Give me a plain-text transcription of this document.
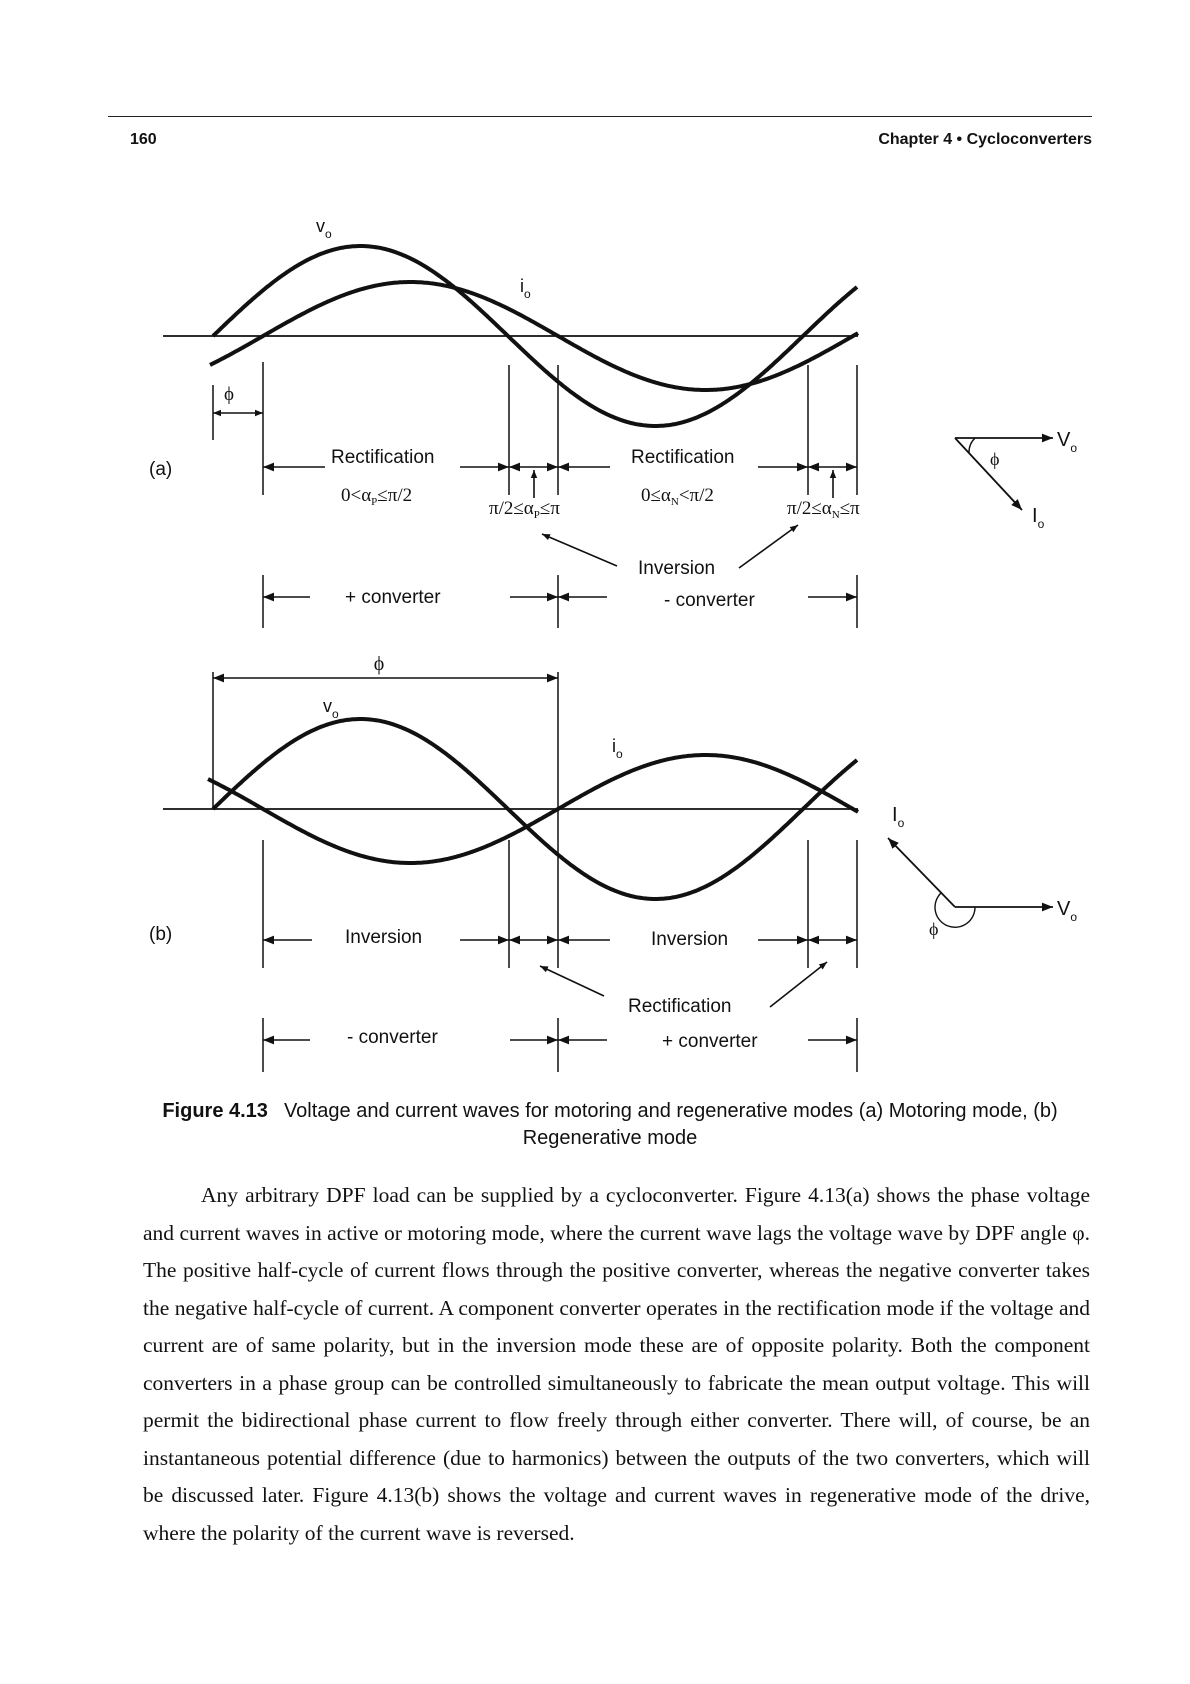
160	Chapter 4 • Cycloconverters
(a)
$v_o$
$i_o$
ϕ
Rectification
$0<\alpha_P\le\pi/2$
$\pi/2\le\alpha_P\le\pi$
Rectification
$0\le\alpha_N<\pi/2$
$\pi/2\le\alpha_N\le\pi$
Inversion
+ converter	- converter
$V_o$
$I_o$
ϕ
(b)
ϕ
$v_o$
$i_o$
Inversion	Inversion
Rectification
- converter	+ converter
$I_o$
$V_o$
ϕ
Figure 4.13 Voltage and current waves for motoring and regenerative modes (a) Motoring mode, (b) Regenerative mode

Any arbitrary DPF load can be supplied by a cycloconverter. Figure 4.13(a) shows the phase voltage and current waves in active or motoring mode, where the current wave lags the voltage wave by DPF angle φ. The positive half-cycle of current flows through the positive converter, whereas the negative converter takes the negative half-cycle of current. A component converter operates in the rectification mode if the voltage and current are of same polarity, but in the inversion mode these are of opposite polarity. Both the component converters in a phase group can be controlled simultaneously to fabricate the mean output voltage. This will permit the bidirectional phase current to flow freely through either converter. There will, of course, be an instantaneous potential difference (due to harmonics) between the outputs of the two converters, which will be discussed later. Figure 4.13(b) shows the voltage and current waves in regenerative mode of the drive, where the polarity of the current wave is reversed.
